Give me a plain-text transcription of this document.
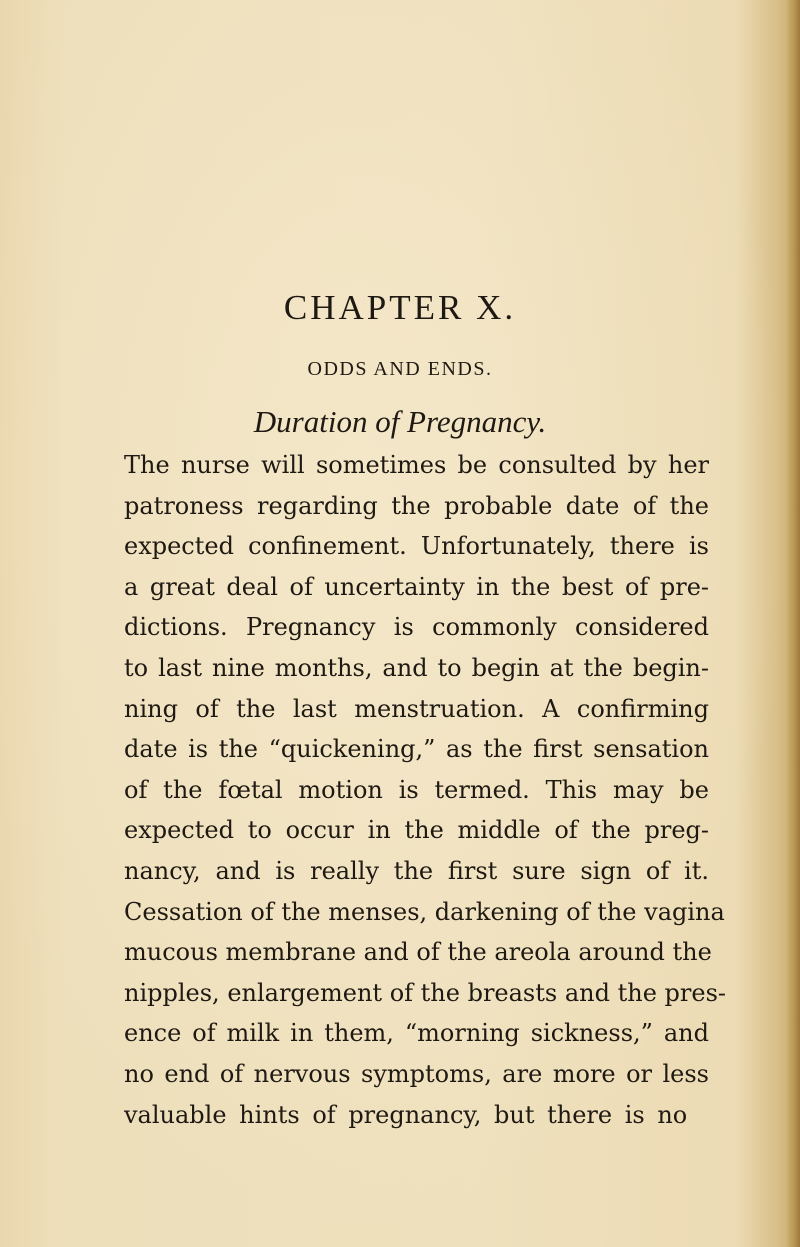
CHAPTER X.
ODDS AND ENDS.
Duration of Pregnancy.
The nurse will sometimes be consulted by her
patroness regarding the probable date of the
expected confinement. Unfortunately, there is
a great deal of uncertainty in the best of pre-
dictions. Pregnancy is commonly considered
to last nine months, and to begin at the begin-
ning of the last menstruation. A confirming
date is the “quickening,” as the first sensation
of the fœtal motion is termed. This may be
expected to occur in the middle of the preg-
nancy, and is really the first sure sign of it.
Cessation of the menses, darkening of the vagina
mucous membrane and of the areola around the
nipples, enlargement of the breasts and the pres-
ence of milk in them, “morning sickness,” and
no end of nervous symptoms, are more or less
valuable hints of pregnancy, but there is no
